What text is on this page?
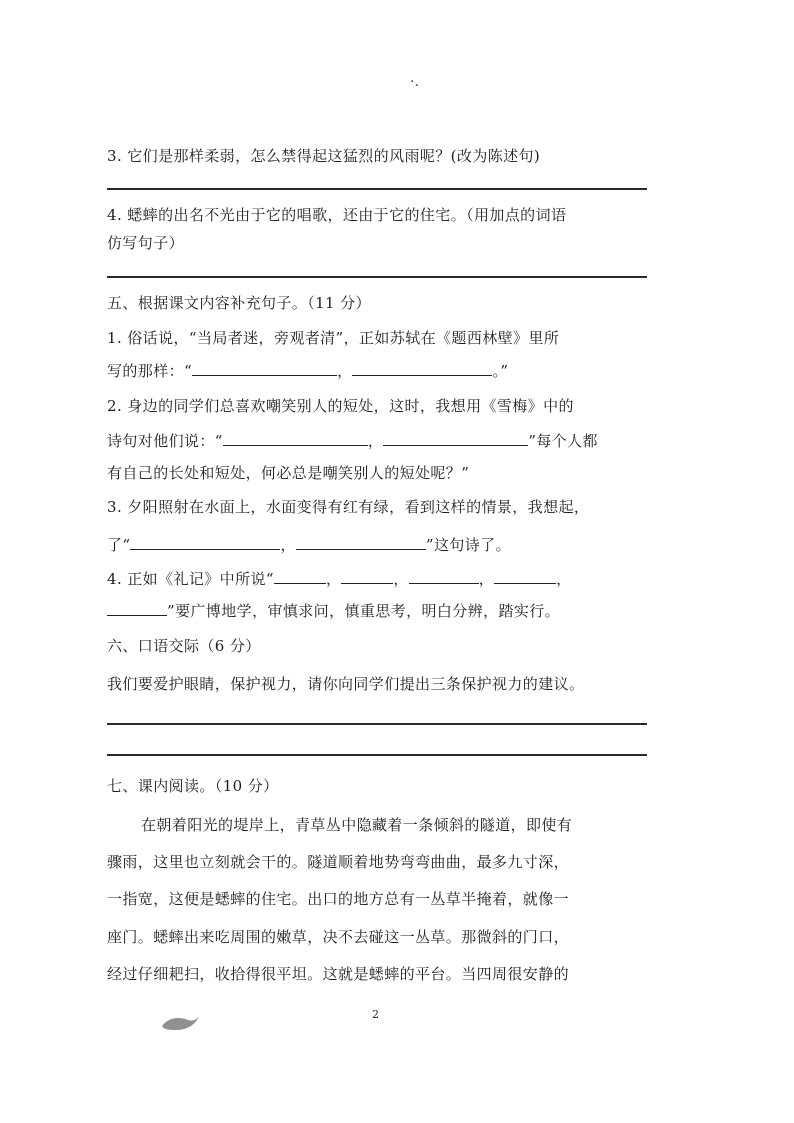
·.
3. 它们是那样柔弱，怎么禁得起这猛烈的风雨呢？(改为陈述句)
4. 蟋蟀的出名不光由于它的唱歌，还由于它的住宅。（用加点的词语
仿写句子）
五、根据课文内容补充句子。（11 分）
1. 俗话说，“当局者迷，旁观者清”，正如苏轼在《题西林壁》里所
写的那样：“	，	。”
2. 身边的同学们总喜欢嘲笑别人的短处，这时，我想用《雪梅》中的
诗句对他们说：“	，	”每个人都
有自己的长处和短处，何必总是嘲笑别人的短处呢？”
3. 夕阳照射在水面上，水面变得有红有绿，看到这样的情景，我想起，
了“	，	”这句诗了。
4. 正如《礼记》中所说“	，	，	，	，
”要广博地学，审慎求问，慎重思考，明白分辨，踏实行。
六、口语交际（6 分）
我们要爱护眼睛，保护视力，请你向同学们提出三条保护视力的建议。
七、课内阅读。（10 分）
在朝着阳光的堤岸上，青草丛中隐藏着一条倾斜的隧道，即使有
骤雨，这里也立刻就会干的。隧道顺着地势弯弯曲曲，最多九寸深，
一指宽，这便是蟋蟀的住宅。出口的地方总有一丛草半掩着，就像一
座门。蟋蟀出来吃周围的嫩草，决不去碰这一丛草。那微斜的门口，
经过仔细耙扫，收拾得很平坦。这就是蟋蟀的平台。当四周很安静的
2
